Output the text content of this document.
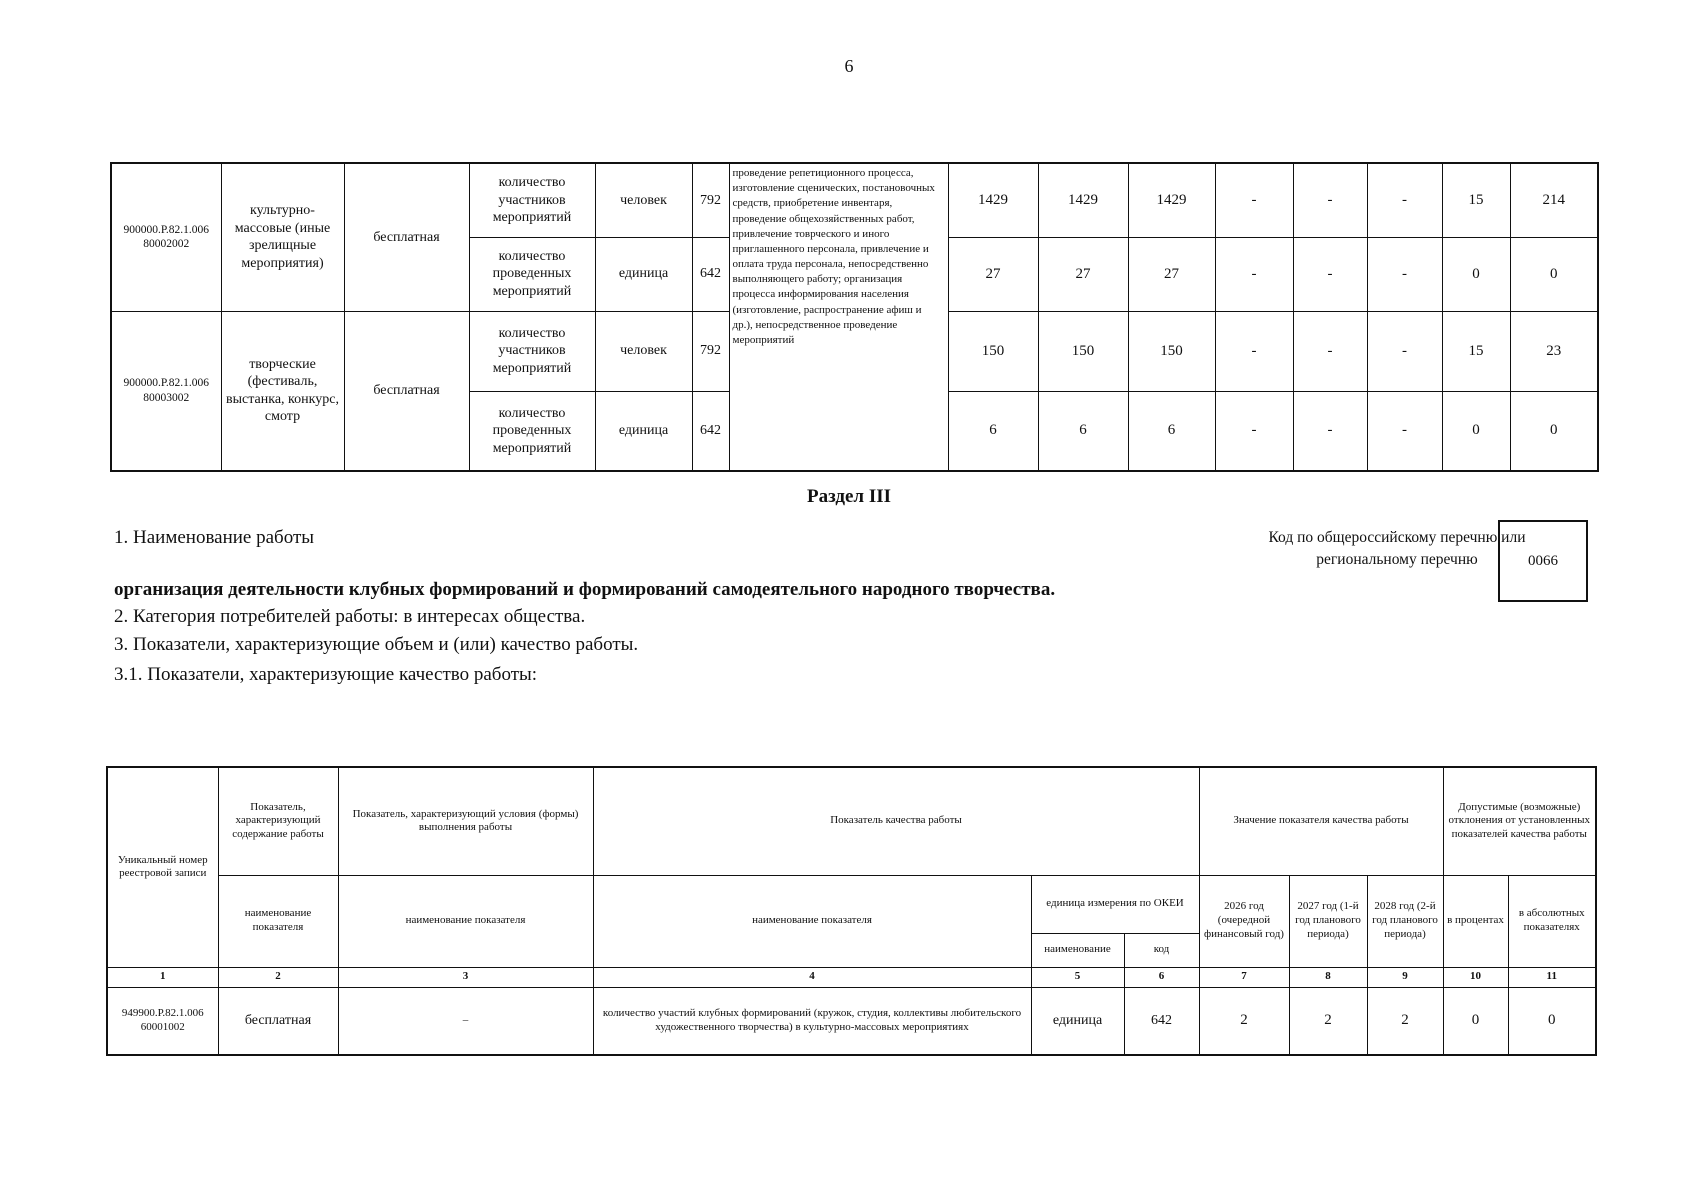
6
900000.Р.82.1.006 80002002	культурно-массовые (иные зрелищные мероприятия)	бесплатная	количество участников мероприятий	человек	792	проведение репетиционного процесса, изготовление сценических, постановочных средств, приобретение инвентаря, проведение общехозяйственных работ, привлечение товрческого и иного приглашенного персонала, привлечение и оплата труда персонала, непосредственно выполняющего работу; организация процесса информирования населения (изготовление, распространение афиш и др.), непосредственное проведение мероприятий	1429	1429	1429	-	-	-	15	214
			количество проведенных мероприятий	единица	642		27	27	27	-	-	-	0	0
900000.Р.82.1.006 80003002	творческие (фестиваль, выстанка, конкурс, смотр	бесплатная	количество участников мероприятий	человек	792		150	150	150	-	-	-	15	23
			количество проведенных мероприятий	единица	642		6	6	6	-	-	-	0	0
Раздел III
1. Наименование работы
организация деятельности клубных формирований и формирований самодеятельного народного творчества.
2. Категория потребителей работы: в интересах общества.
3. Показатели, характеризующие объем и (или) качество работы.
3.1. Показатели, характеризующие качество работы:
Код по общероссийскому перечню или региональному перечню	0066
Уникальный номер реестровой записи	Показатель, характеризующий содержание работы	Показатель, характеризующий условия (формы) выполнения работы	Показатель качества работы			Значение показателя качества работы			Допустимые (возможные) отклонения от установленных показателей качества работы	
	наименование показателя	наименование показателя	наименование показателя	единица измерения по ОКЕИ		2026 год (очередной финансовый год)	2027 год (1-й год планового периода)	2028 год (2-й год планового периода)	в процентах	в абсолютных показателях
				наименование	код					
1	2	3	4	5	6	7	8	9	10	11
949900.Р.82.1.006 60001002	бесплатная	–	количество участий клубных формирований (кружок, студия, коллективы любительского художественного творчества) в культурно-массовых мероприятиях	единица	642	2	2	2	0	0
